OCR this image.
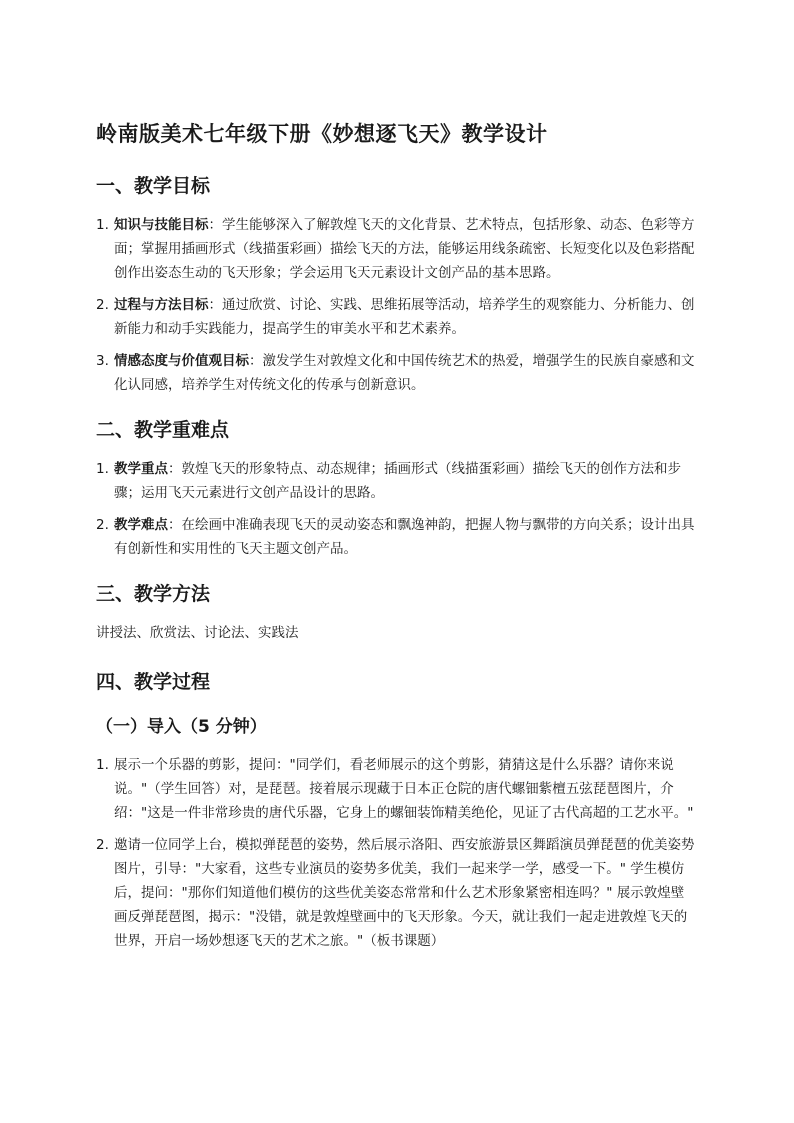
岭南版美术七年级下册《妙想逐飞天》教学设计
一、教学目标
1. 知识与技能目标：学生能够深入了解敦煌飞天的文化背景、艺术特点，包括形象、动态、色彩等方面；掌握用插画形式（线描蛋彩画）描绘飞天的方法，能够运用线条疏密、长短变化以及色彩搭配创作出姿态生动的飞天形象；学会运用飞天元素设计文创产品的基本思路。
2. 过程与方法目标：通过欣赏、讨论、实践、思维拓展等活动，培养学生的观察能力、分析能力、创新能力和动手实践能力，提高学生的审美水平和艺术素养。
3. 情感态度与价值观目标：激发学生对敦煌文化和中国传统艺术的热爱，增强学生的民族自豪感和文化认同感，培养学生对传统文化的传承与创新意识。
二、教学重难点
1. 教学重点：敦煌飞天的形象特点、动态规律；插画形式（线描蛋彩画）描绘飞天的创作方法和步骤；运用飞天元素进行文创产品设计的思路。
2. 教学难点：在绘画中准确表现飞天的灵动姿态和飘逸神韵，把握人物与飘带的方向关系；设计出具有创新性和实用性的飞天主题文创产品。
三、教学方法

讲授法、欣赏法、讨论法、实践法

四、教学过程
（一）导入（5 分钟）
1. 展示一个乐器的剪影，提问："同学们，看老师展示的这个剪影，猜猜这是什么乐器？请你来说说。"（学生回答）对，是琵琶。接着展示现藏于日本正仓院的唐代螺钿紫檀五弦琵琶图片，介绍："这是一件非常珍贵的唐代乐器，它身上的螺钿装饰精美绝伦，见证了古代高超的工艺水平。"
2. 邀请一位同学上台，模拟弹琵琶的姿势，然后展示洛阳、西安旅游景区舞蹈演员弹琵琶的优美姿势图片，引导："大家看，这些专业演员的姿势多优美，我们一起来学一学，感受一下。" 学生模仿后，提问："那你们知道他们模仿的这些优美姿态常常和什么艺术形象紧密相连吗？" 展示敦煌壁画反弹琵琶图，揭示："没错，就是敦煌壁画中的飞天形象。今天，就让我们一起走进敦煌飞天的世界，开启一场妙想逐飞天的艺术之旅。"（板书课题）
